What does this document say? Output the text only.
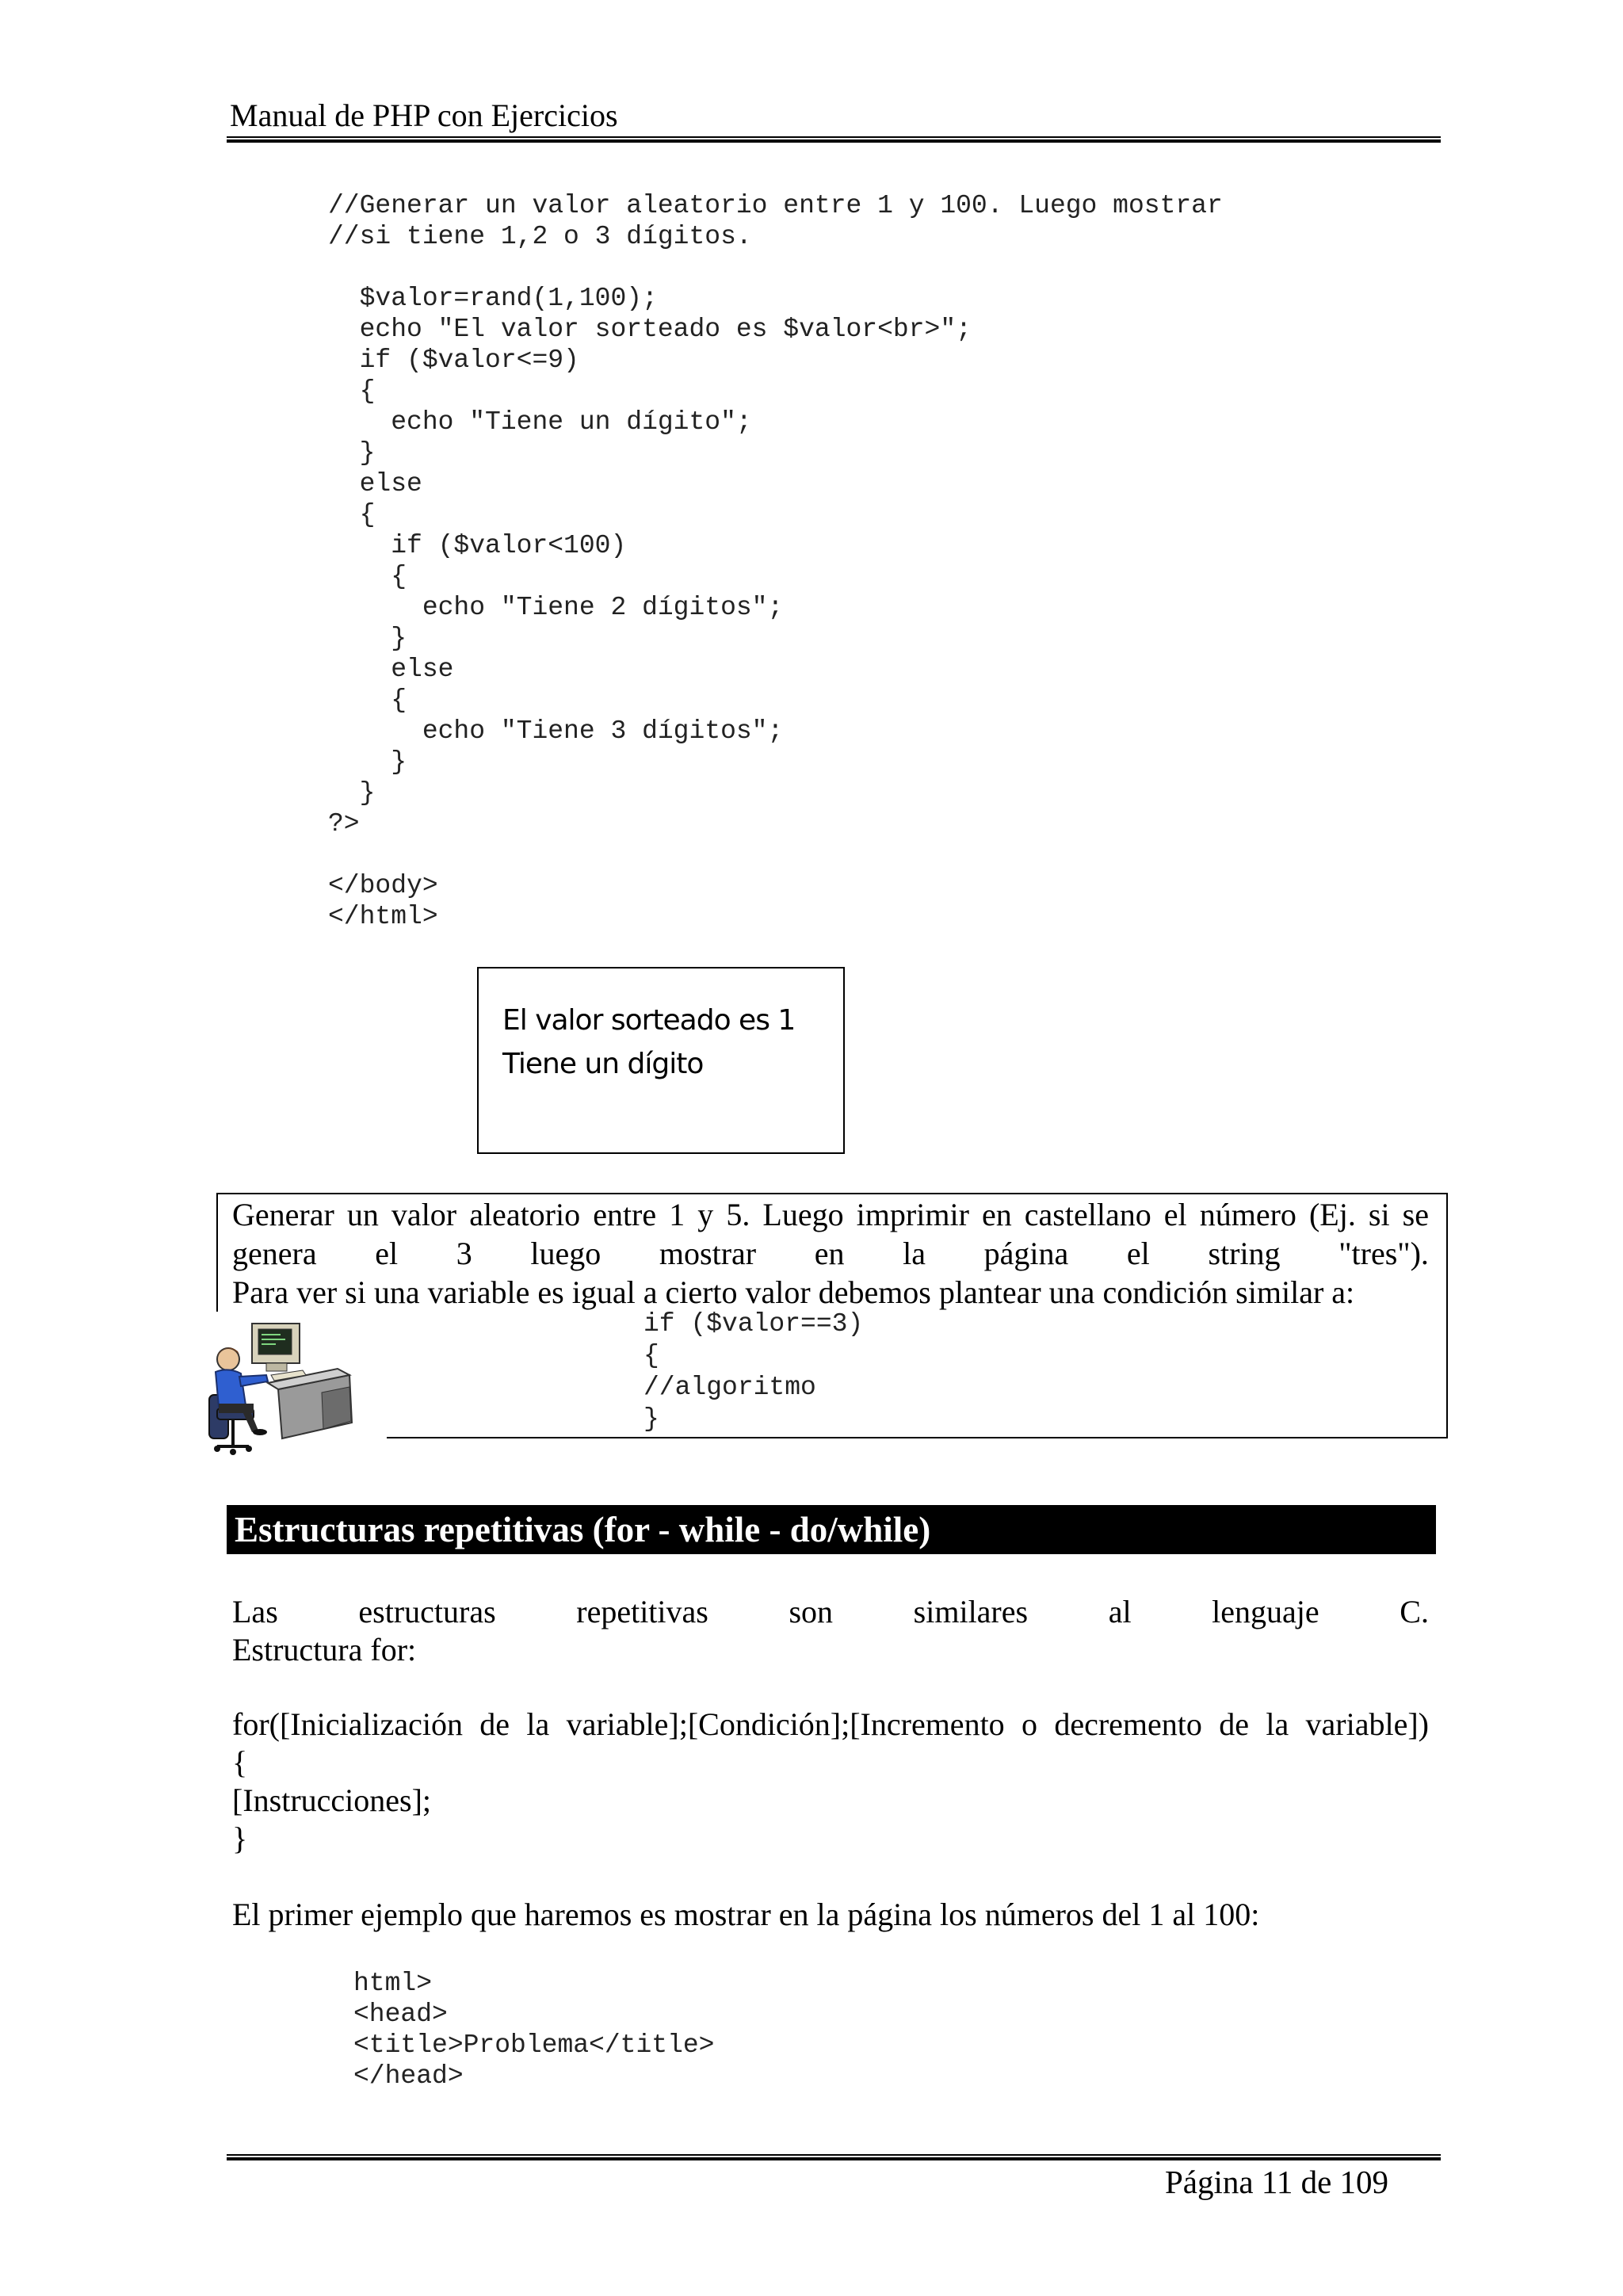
Manual de PHP con Ejercicios
//Generar un valor aleatorio entre 1 y 100. Luego mostrar
//si tiene 1,2 o 3 dígitos.

$valor=rand(1,100);
echo "El valor sorteado es $valor<br>";
if ($valor<=9)
{
echo "Tiene un dígito";
}
else
{
if ($valor<100)
{
echo "Tiene 2 dígitos";
}
else
{
echo "Tiene 3 dígitos";
}
}
?>

</body>
</html>
El valor sorteado es 1
Tiene un dígito
Generar un valor aleatorio entre 1 y 5. Luego imprimir en castellano el número (Ej. si se
genera el 3 luego mostrar en la página el string "tres").
Para ver si una variable es igual a cierto valor debemos plantear una condición similar a:
if ($valor==3)
{
//algoritmo
}
Estructuras repetitivas (for - while - do/while)
Las	estructuras	repetitivas	son	similares	al	lenguaje	C.
Estructura for:
for([Inicialización de la variable];[Condición];[Incremento o decremento de la variable])
{
[Instrucciones];
}
El primer ejemplo que haremos es mostrar en la página los números del 1 al 100:
html>
<head>
<title>Problema</title>
</head>
Página 11 de 109
